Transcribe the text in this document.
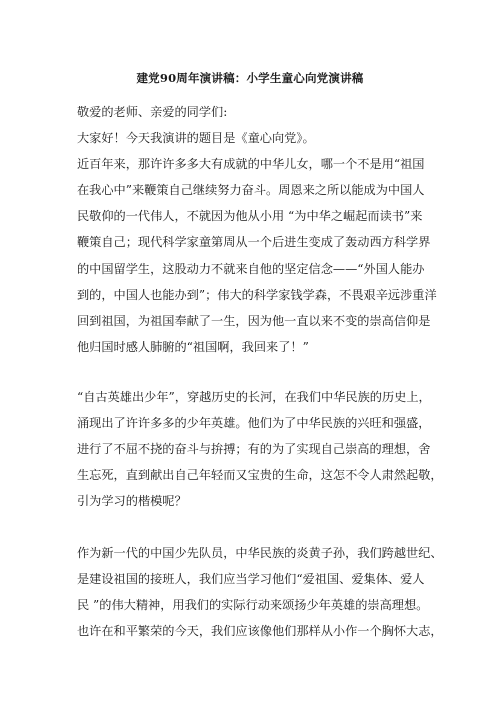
建党90周年演讲稿：小学生童心向党演讲稿
敬爱的老师、亲爱的同学们:
大家好！今天我演讲的题目是《童心向党》。
近百年来，那许许多多大有成就的中华儿女，哪一个不是用“祖国
在我心中”来鞭策自己继续努力奋斗。周恩来之所以能成为中国人
民敬仰的一代伟人，不就因为他从小用 “为中华之崛起而读书”来
鞭策自己；现代科学家童第周从一个后进生变成了轰动西方科学界
的中国留学生，这股动力不就来自他的坚定信念——“外国人能办
到的，中国人也能办到”；伟大的科学家钱学森，不畏艰辛远涉重洋
回到祖国，为祖国奉献了一生，因为他一直以来不变的崇高信仰是
他归国时感人肺腑的“祖国啊，我回来了！”
“自古英雄出少年”，穿越历史的长河，在我们中华民族的历史上，
涌现出了许许多多的少年英雄。他们为了中华民族的兴旺和强盛，
进行了不屈不挠的奋斗与拚搏；有的为了实现自己崇高的理想，舍
生忘死，直到献出自己年轻而又宝贵的生命，这怎不令人肃然起敬，
引为学习的楷模呢？
作为新一代的中国少先队员，中华民族的炎黄子孙，我们跨越世纪、
是建设祖国的接班人，我们应当学习他们“爱祖国、爱集体、爱人
民 ”的伟大精神，用我们的实际行动来颂扬少年英雄的崇高理想。
也许在和平繁荣的今天，我们应该像他们那样从小作一个胸怀大志，
